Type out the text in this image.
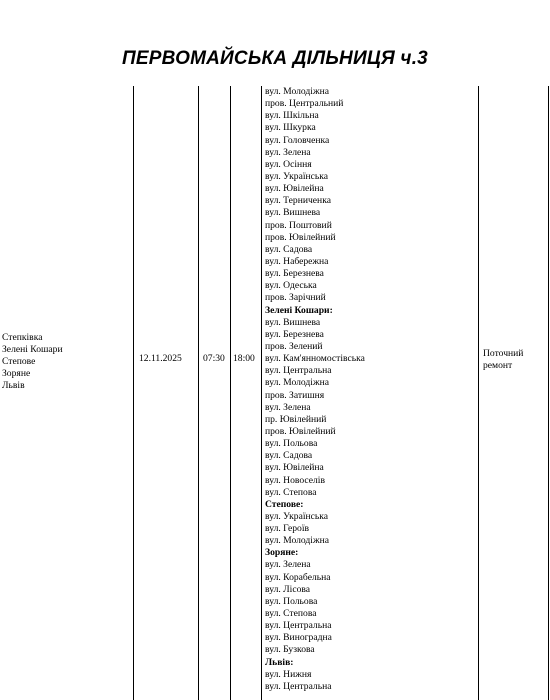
ПЕРВОМАЙСЬКА ДІЛЬНИЦЯ ч.3
Степківка
Зелені Кошари
Степове
Зоряне
Львів
12.11.2025 07:30 18:00
вул. Молодіжна
пров. Центральний
вул. Шкільна
вул. Шкурка
вул. Головченка
вул. Зелена
вул. Осіння
вул. Українська
вул. Ювілейна
вул. Терниченка
вул. Вишнева
пров. Поштовий
пров. Ювілейний
вул. Садова
вул. Набережна
вул. Березнева
вул. Одеська
пров. Зарічний
Зелені Кошари:
вул. Вишнева
вул. Березнева
пров. Зелений
вул. Кам'янномостівська
вул. Центральна
вул. Молодіжна
пров. Затишня
вул. Зелена
пр. Ювілейний
пров. Ювілейний
вул. Польова
вул. Садова
вул. Ювілейна
вул. Новоселів
вул. Степова
Степове:
вул. Українська
вул. Героїв
вул. Молодіжна
Зоряне:
вул. Зелена
вул. Корабельна
вул. Лісова
вул. Польова
вул. Степова
вул. Центральна
вул. Виноградна
вул. Бузкова
Львів:
вул. Нижня
вул. Центральна
Поточний ремонт
